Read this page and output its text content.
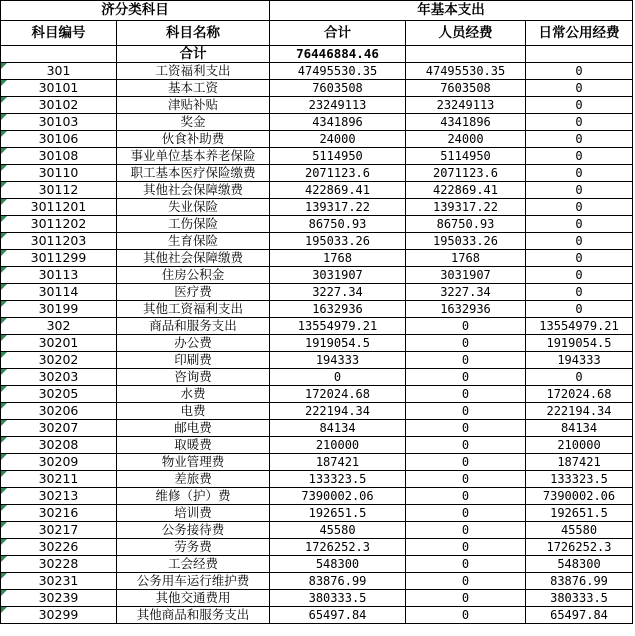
济分类科目		年基本支出		
科目编号	科目名称	合计	人员经费	日常公用经费
	合计	76446884.46		
301	工资福利支出	47495530.35	47495530.35	0
30101	基本工资	7603508	7603508	0
30102	津贴补贴	23249113	23249113	0
30103	奖金	4341896	4341896	0
30106	伙食补助费	24000	24000	0
30108	事业单位基本养老保险	5114950	5114950	0
30110	职工基本医疗保险缴费	2071123.6	2071123.6	0
30112	其他社会保障缴费	422869.41	422869.41	0
3011201	失业保险	139317.22	139317.22	0
3011202	工伤保险	86750.93	86750.93	0
3011203	生育保险	195033.26	195033.26	0
3011299	其他社会保障缴费	1768	1768	0
30113	住房公积金	3031907	3031907	0
30114	医疗费	3227.34	3227.34	0
30199	其他工资福利支出	1632936	1632936	0
302	商品和服务支出	13554979.21	0	13554979.21
30201	办公费	1919054.5	0	1919054.5
30202	印刷费	194333	0	194333
30203	咨询费	0	0	0
30205	水费	172024.68	0	172024.68
30206	电费	222194.34	0	222194.34
30207	邮电费	84134	0	84134
30208	取暖费	210000	0	210000
30209	物业管理费	187421	0	187421
30211	差旅费	133323.5	0	133323.5
30213	维修（护）费	7390002.06	0	7390002.06
30216	培训费	192651.5	0	192651.5
30217	公务接待费	45580	0	45580
30226	劳务费	1726252.3	0	1726252.3
30228	工会经费	548300	0	548300
30231	公务用车运行维护费	83876.99	0	83876.99
30239	其他交通费用	380333.5	0	380333.5
30299	其他商品和服务支出	65497.84	0	65497.84
